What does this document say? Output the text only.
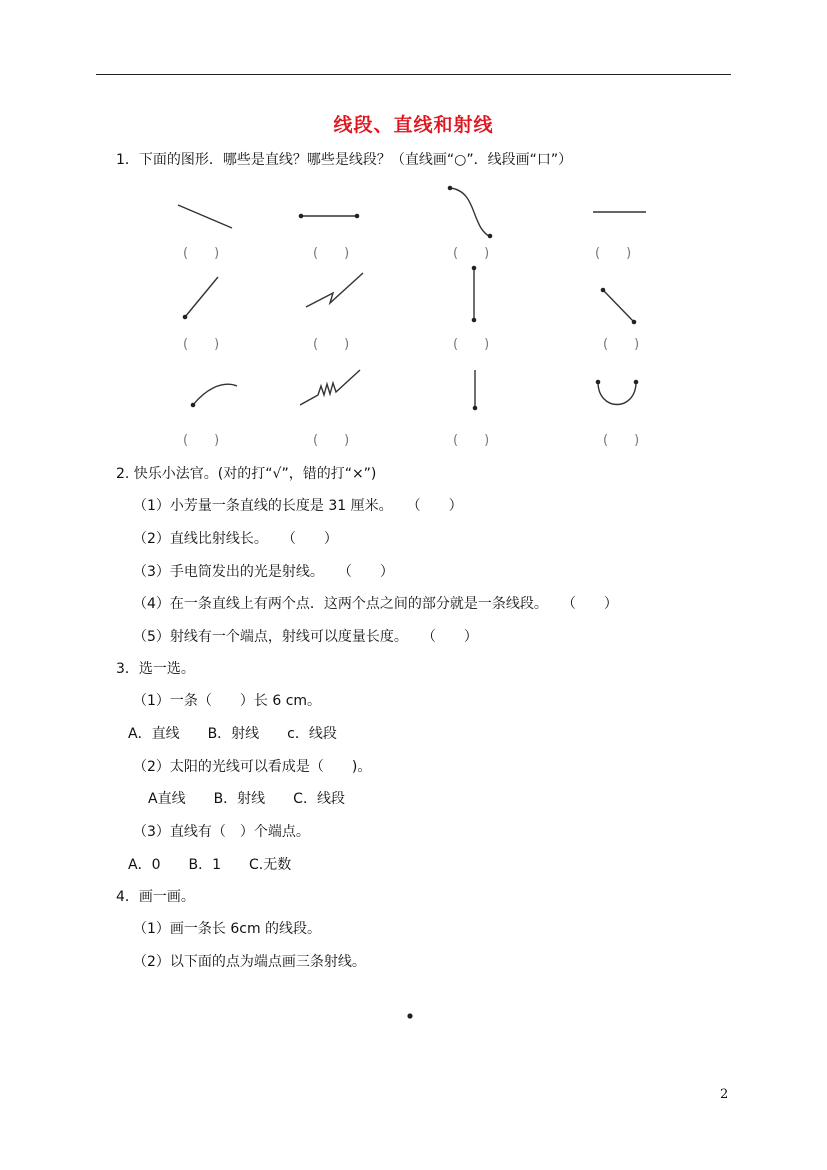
线段、直线和射线
1．下面的图形．哪些是直线？哪些是线段？（直线画“○”．线段画“口”）
(　　)	(　　)	(　　)	(　　)
(　　)	(　　)	(　　)	(　　)
(　　)	(　　)	(　　)	(　　)
2. 快乐小法官。(对的打“√”，错的打“×”)
（1）小芳量一条直线的长度是 31 厘米。　　（　　）
（2）直线比射线长。　　（　　）
（3）手电筒发出的光是射线。　　（　　）
（4）在一条直线上有两个点．这两个点之间的部分就是一条线段。　　（　　）
（5）射线有一个端点，射线可以度量长度。　　（　　）
3．选一选。
（1）一条（　　）长 6 cm。
A．直线　　B．射线　　c．线段
（2）太阳的光线可以看成是（　　)。
A直线　　B．射线　　C．线段
（3）直线有（　）个端点。
A．0　　B．1　　C.无数
4．画一画。
（1）画一条长 6cm 的线段。
（2）以下面的点为端点画三条射线。
2
